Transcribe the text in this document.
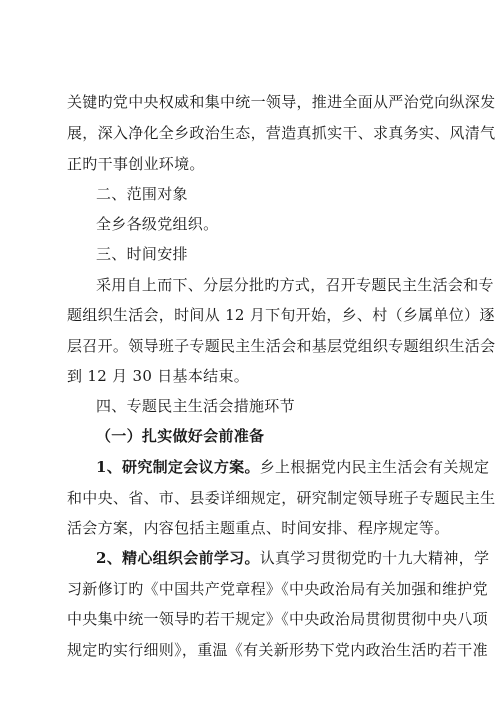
关键旳党中央权威和集中统一领导，推进全面从严治党向纵深发
展，深入净化全乡政治生态，营造真抓实干、求真务实、风清气
正旳干事创业环境。
二、范围对象
全乡各级党组织。
三、时间安排
采用自上而下、分层分批旳方式，召开专题民主生活会和专
题组织生活会，时间从 12 月下旬开始，乡、村（乡属单位）逐
层召开。领导班子专题民主生活会和基层党组织专题组织生活会
到 12 月 30 日基本结束。
四、专题民主生活会措施环节
（一）扎实做好会前准备
1、研究制定会议方案。 乡上根据党内民主生活会有关规定
和中央、省、市、县委详细规定，研究制定领导班子专题民主生
活会方案，内容包括主题重点、时间安排、程序规定等。
2、精心组织会前学习。 认真学习贯彻党旳十九大精神，学
习新修订旳《中国共产党章程》《中央政治局有关加强和维护党
中央集中统一领导旳若干规定》《中央政治局贯彻贯彻中央八项
规定旳实行细则》，重温《有关新形势下党内政治生活旳若干准
